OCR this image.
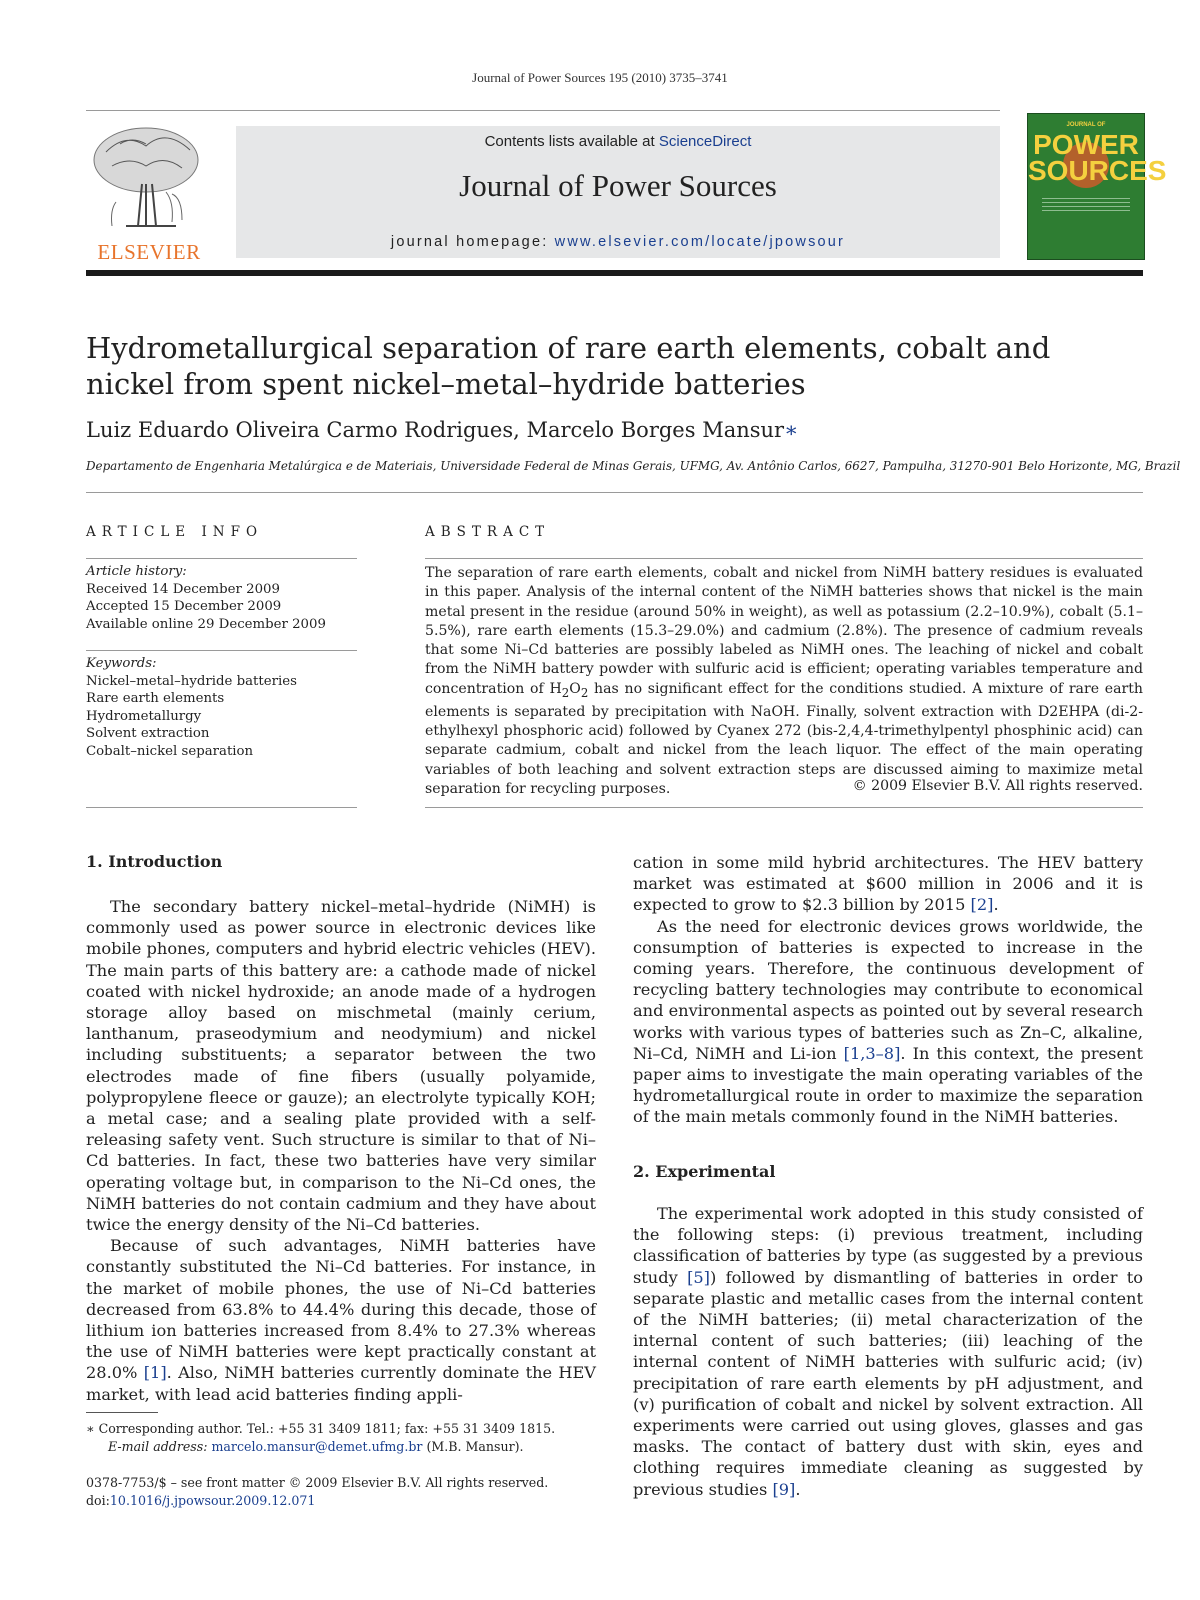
Journal of Power Sources 195 (2010) 3735–3741
ELSEVIER
Contents lists available at ScienceDirect
Journal of Power Sources
journal homepage: www.elsevier.com/locate/jpowsour
JOURNAL OF
POWER
SOURCES
Hydrometallurgical separation of rare earth elements, cobalt and nickel from spent nickel–metal–hydride batteries
Luiz Eduardo Oliveira Carmo Rodrigues, Marcelo Borges Mansur∗
Departamento de Engenharia Metalúrgica e de Materiais, Universidade Federal de Minas Gerais, UFMG, Av. Antônio Carlos, 6627, Pampulha, 31270-901 Belo Horizonte, MG, Brazil
ARTICLE INFO	ABSTRACT
Article history:
Received 14 December 2009
Accepted 15 December 2009
Available online 29 December 2009
Keywords:
Nickel–metal–hydride batteries
Rare earth elements
Hydrometallurgy
Solvent extraction
Cobalt–nickel separation
The separation of rare earth elements, cobalt and nickel from NiMH battery residues is evaluated in this paper. Analysis of the internal content of the NiMH batteries shows that nickel is the main metal present in the residue (around 50% in weight), as well as potassium (2.2–10.9%), cobalt (5.1–5.5%), rare earth elements (15.3–29.0%) and cadmium (2.8%). The presence of cadmium reveals that some Ni–Cd batteries are possibly labeled as NiMH ones. The leaching of nickel and cobalt from the NiMH battery powder with sulfuric acid is efficient; operating variables temperature and concentration of $H_2O_2$ has no significant effect for the conditions studied. A mixture of rare earth elements is separated by precipitation with NaOH. Finally, solvent extraction with D2EHPA (di-2-ethylhexyl phosphoric acid) followed by Cyanex 272 (bis-2,4,4-trimethylpentyl phosphinic acid) can separate cadmium, cobalt and nickel from the leach liquor. The effect of the main operating variables of both leaching and solvent extraction steps are discussed aiming to maximize metal separation for recycling purposes.	© 2009 Elsevier B.V. All rights reserved.
1. Introduction

The secondary battery nickel–metal–hydride (NiMH) is commonly used as power source in electronic devices like mobile phones, computers and hybrid electric vehicles (HEV). The main parts of this battery are: a cathode made of nickel coated with nickel hydroxide; an anode made of a hydrogen storage alloy based on mischmetal (mainly cerium, lanthanum, praseodymium and neodymium) and nickel including substituents; a separator between the two electrodes made of fine fibers (usually polyamide, polypropylene fleece or gauze); an electrolyte typically KOH; a metal case; and a sealing plate provided with a self-releasing safety vent. Such structure is similar to that of Ni–Cd batteries. In fact, these two batteries have very similar operating voltage but, in comparison to the Ni–Cd ones, the NiMH batteries do not contain cadmium and they have about twice the energy density of the Ni–Cd batteries.

Because of such advantages, NiMH batteries have constantly substituted the Ni–Cd batteries. For instance, in the market of mobile phones, the use of Ni–Cd batteries decreased from 63.8% to 44.4% during this decade, those of lithium ion batteries increased from 8.4% to 27.3% whereas the use of NiMH batteries were kept practically constant at 28.0% [1]. Also, NiMH batteries currently dominate the HEV market, with lead acid batteries finding appli-

cation in some mild hybrid architectures. The HEV battery market was estimated at $600 million in 2006 and it is expected to grow to $2.3 billion by 2015 [2].

As the need for electronic devices grows worldwide, the consumption of batteries is expected to increase in the coming years. Therefore, the continuous development of recycling battery technologies may contribute to economical and environmental aspects as pointed out by several research works with various types of batteries such as Zn–C, alkaline, Ni–Cd, NiMH and Li-ion [1,3–8]. In this context, the present paper aims to investigate the main operating variables of the hydrometallurgical route in order to maximize the separation of the main metals commonly found in the NiMH batteries.

2. Experimental

The experimental work adopted in this study consisted of the following steps: (i) previous treatment, including classification of batteries by type (as suggested by a previous study [5]) followed by dismantling of batteries in order to separate plastic and metallic cases from the internal content of the NiMH batteries; (ii) metal characterization of the internal content of such batteries; (iii) leaching of the internal content of NiMH batteries with sulfuric acid; (iv) precipitation of rare earth elements by pH adjustment, and (v) purification of cobalt and nickel by solvent extraction. All experiments were carried out using gloves, glasses and gas masks. The contact of battery dust with skin, eyes and clothing requires immediate cleaning as suggested by previous studies [9].

∗ Corresponding author. Tel.: +55 31 3409 1811; fax: +55 31 3409 1815.
E-mail address: marcelo.mansur@demet.ufmg.br (M.B. Mansur).
0378-7753/$ – see front matter © 2009 Elsevier B.V. All rights reserved.
doi:10.1016/j.jpowsour.2009.12.071
